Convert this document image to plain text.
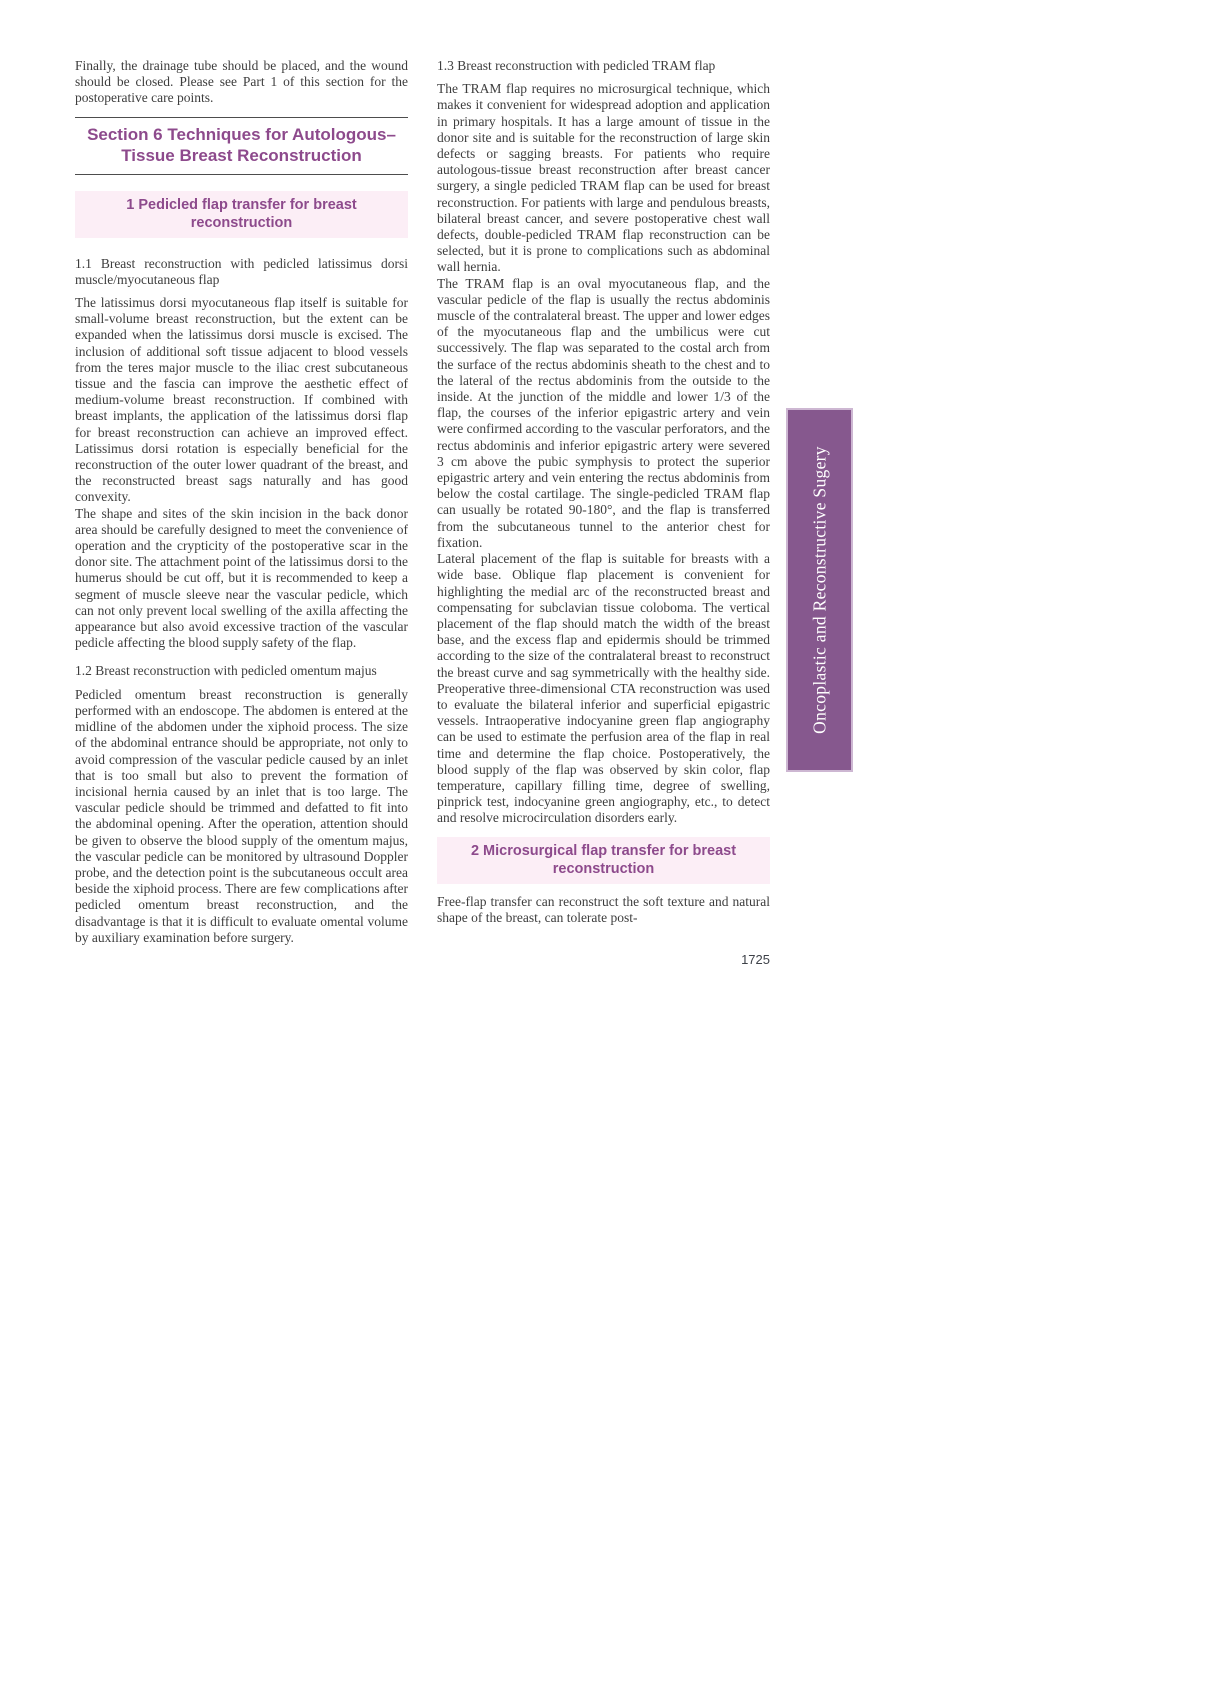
Finally, the drainage tube should be placed, and the wound should be closed. Please see Part 1 of this section for the postoperative care points.

Section 6 Techniques for Autologous–Tissue Breast Reconstruction
1 Pedicled flap transfer for breast reconstruction

1.1 Breast reconstruction with pedicled latissimus dorsi muscle/myocutaneous flap

The latissimus dorsi myocutaneous flap itself is suitable for small-volume breast reconstruction, but the extent can be expanded when the latissimus dorsi muscle is excised. The inclusion of additional soft tissue adjacent to blood vessels from the teres major muscle to the iliac crest subcutaneous tissue and the fascia can improve the aesthetic effect of medium-volume breast reconstruction. If combined with breast implants, the application of the latissimus dorsi flap for breast reconstruction can achieve an improved effect. Latissimus dorsi rotation is especially beneficial for the reconstruction of the outer lower quadrant of the breast, and the reconstructed breast sags naturally and has good convexity.

The shape and sites of the skin incision in the back donor area should be carefully designed to meet the convenience of operation and the crypticity of the postoperative scar in the donor site. The attachment point of the latissimus dorsi to the humerus should be cut off, but it is recommended to keep a segment of muscle sleeve near the vascular pedicle, which can not only prevent local swelling of the axilla affecting the appearance but also avoid excessive traction of the vascular pedicle affecting the blood supply safety of the flap.

1.2 Breast reconstruction with pedicled omentum majus

Pedicled omentum breast reconstruction is generally performed with an endoscope. The abdomen is entered at the midline of the abdomen under the xiphoid process. The size of the abdominal entrance should be appropriate, not only to avoid compression of the vascular pedicle caused by an inlet that is too small but also to prevent the formation of incisional hernia caused by an inlet that is too large. The vascular pedicle should be trimmed and defatted to fit into the abdominal opening. After the operation, attention should be given to observe the blood supply of the omentum majus, the vascular pedicle can be monitored by ultrasound Doppler probe, and the detection point is the subcutaneous occult area beside the xiphoid process. There are few complications after pedicled omentum breast reconstruction, and the disadvantage is that it is difficult to evaluate omental volume by auxiliary examination before surgery.

1.3 Breast reconstruction with pedicled TRAM flap

The TRAM flap requires no microsurgical technique, which makes it convenient for widespread adoption and application in primary hospitals. It has a large amount of tissue in the donor site and is suitable for the reconstruction of large skin defects or sagging breasts. For patients who require autologous-tissue breast reconstruction after breast cancer surgery, a single pedicled TRAM flap can be used for breast reconstruction. For patients with large and pendulous breasts, bilateral breast cancer, and severe postoperative chest wall defects, double-pedicled TRAM flap reconstruction can be selected, but it is prone to complications such as abdominal wall hernia.

The TRAM flap is an oval myocutaneous flap, and the vascular pedicle of the flap is usually the rectus abdominis muscle of the contralateral breast. The upper and lower edges of the myocutaneous flap and the umbilicus were cut successively. The flap was separated to the costal arch from the surface of the rectus abdominis sheath to the chest and to the lateral of the rectus abdominis from the outside to the inside. At the junction of the middle and lower 1/3 of the flap, the courses of the inferior epigastric artery and vein were confirmed according to the vascular perforators, and the rectus abdominis and inferior epigastric artery were severed 3 cm above the pubic symphysis to protect the superior epigastric artery and vein entering the rectus abdominis from below the costal cartilage. The single-pedicled TRAM flap can usually be rotated 90-180°, and the flap is transferred from the subcutaneous tunnel to the anterior chest for fixation.

Lateral placement of the flap is suitable for breasts with a wide base. Oblique flap placement is convenient for highlighting the medial arc of the reconstructed breast and compensating for subclavian tissue coloboma. The vertical placement of the flap should match the width of the breast base, and the excess flap and epidermis should be trimmed according to the size of the contralateral breast to reconstruct the breast curve and sag symmetrically with the healthy side. Preoperative three-dimensional CTA reconstruction was used to evaluate the bilateral inferior and superficial epigastric vessels. Intraoperative indocyanine green flap angiography can be used to estimate the perfusion area of the flap in real time and determine the flap choice. Postoperatively, the blood supply of the flap was observed by skin color, flap temperature, capillary filling time, degree of swelling, pinprick test, indocyanine green angiography, etc., to detect and resolve microcirculation disorders early.

2 Microsurgical flap transfer for breast reconstruction

Free-flap transfer can reconstruct the soft texture and natural shape of the breast, can tolerate post-

1725
Oncoplastic and Reconstructive Sugery
